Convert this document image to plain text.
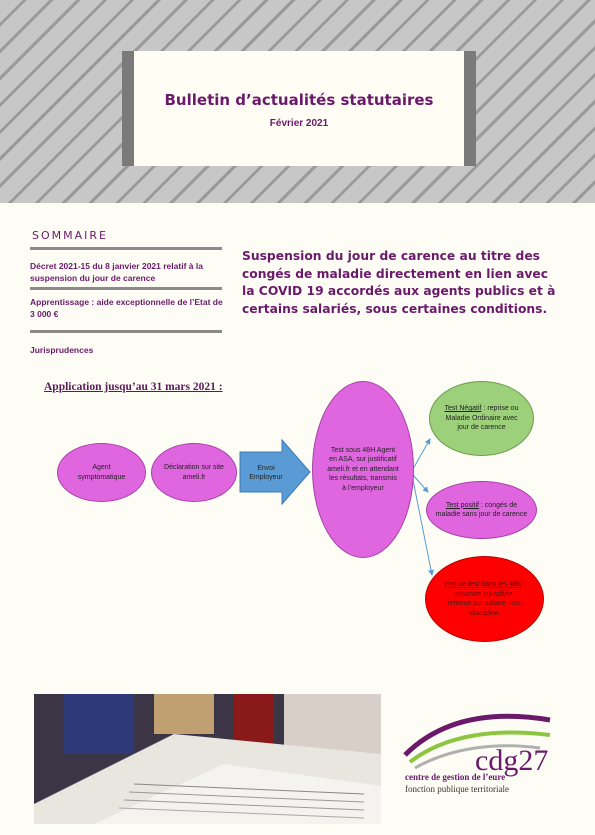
Bulletin d’actualités statutaires
Février 2021
SOMMAIRE
Décret 2021-15 du 8 janvier 2021 relatif à la suspension du jour de carence
Apprentissage : aide exceptionnelle de l’Etat de 3 000 €
Jurisprudences
Suspension du jour de carence au titre des congés de maladie directement en lien avec la COVID 19 accordés aux agents publics et à certains salariés, sous certaines conditions.
Application jusqu’au 31 mars 2021 :
Agent symptomatique
Déclaration sur site ameli.fr
Envoi Employeur
Test sous 48H Agent en ASA, sur justificatif ameli.fr et en attendant les résultats, transmis à l’employeur
Test Négatif : reprise ou Maladie Ordinaire avec jour de carence
Test positif : congés de maladie sans jour de carence
Pas de test dans les 48h : absence injustifiée, retenue sur salaire –ou- discipline
cdg27
centre de gestion de l’eure
fonction publique territoriale
